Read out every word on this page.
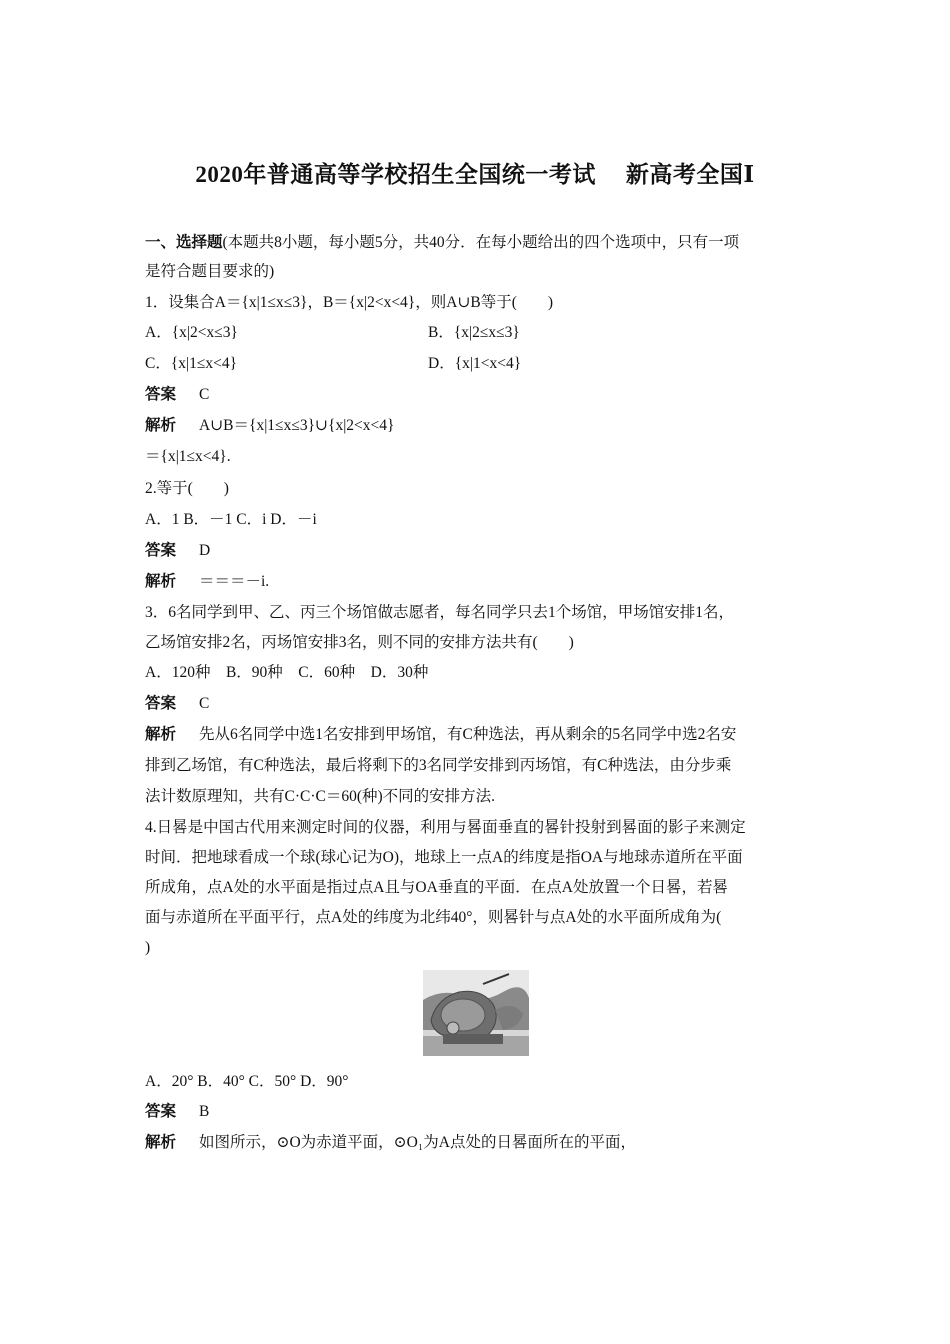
2020年普通高等学校招生全国统一考试 新高考全国Ⅰ
一、选择题(本题共8小题，每小题5分，共40分．在每小题给出的四个选项中，只有一项
是符合题目要求的)
1．设集合A＝{x|1≤x≤3}，B＝{x|2<x<4}，则A∪B等于(　　)
A．{x|2<x≤3}	B．{x|2≤x≤3}
C．{x|1≤x<4}	D．{x|1<x<4}
答案 C
解析 A∪B＝{x|1≤x≤3}∪{x|2<x<4}
＝{x|1≤x<4}.
2.等于(　　)
A．1 B．－1 C．i D．－i
答案 D
解析 ＝＝＝－i.
3．6名同学到甲、乙、丙三个场馆做志愿者，每名同学只去1个场馆，甲场馆安排1名，
乙场馆安排2名，丙场馆安排3名，则不同的安排方法共有(　　)
A．120种　B．90种　C．60种　D．30种
答案 C
解析 先从6名同学中选1名安排到甲场馆，有C种选法，再从剩余的5名同学中选2名安
排到乙场馆，有C种选法，最后将剩下的3名同学安排到丙场馆，有C种选法，由分步乘
法计数原理知，共有C·C·C＝60(种)不同的安排方法.
4.日晷是中国古代用来测定时间的仪器，利用与晷面垂直的晷针投射到晷面的影子来测定
时间．把地球看成一个球(球心记为O)，地球上一点A的纬度是指OA与地球赤道所在平面
所成角，点A处的水平面是指过点A且与OA垂直的平面．在点A处放置一个日晷，若晷
面与赤道所在平面平行，点A处的纬度为北纬40°，则晷针与点A处的水平面所成角为(
)
A．20° B．40° C．50° D．90°
答案 B
解析 如图所示，⊙O为赤道平面，⊙O₁为A点处的日晷面所在的平面，
